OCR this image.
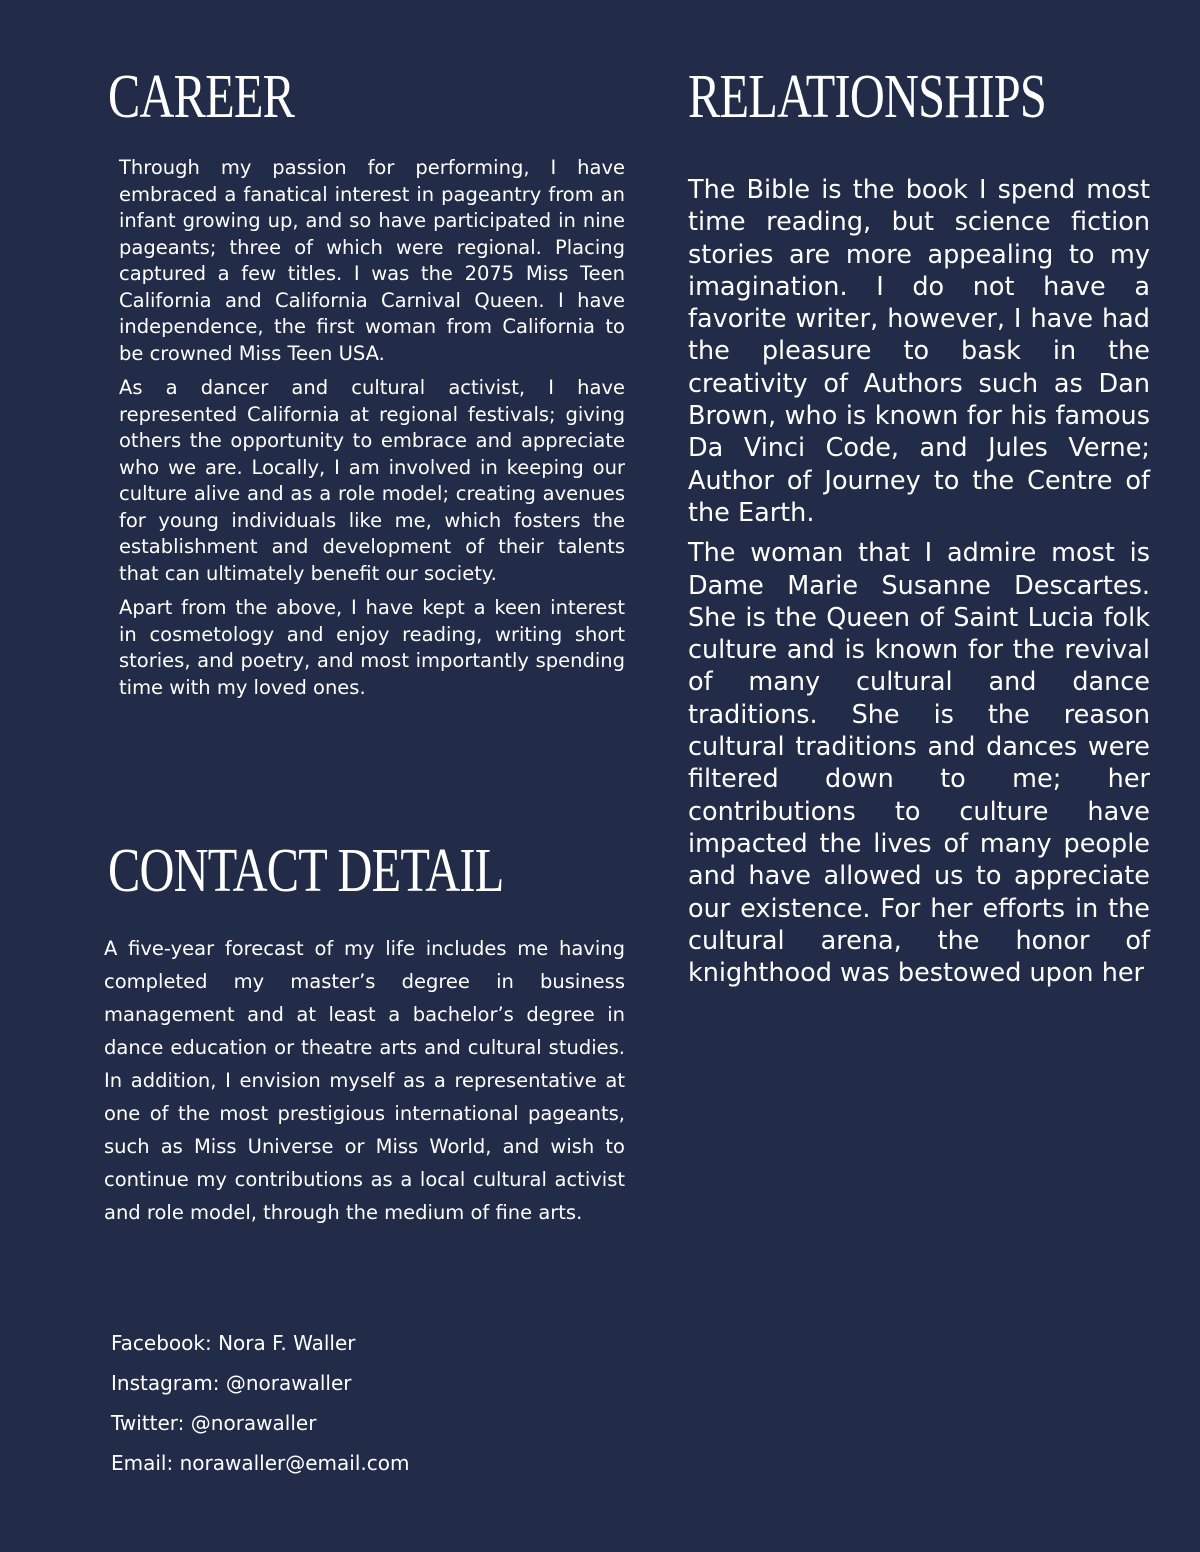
CAREER

Through my passion for performing, I have embraced a fanatical interest in pageantry from an infant growing up, and so have participated in nine pageants; three of which were regional. Placing captured a few titles. I was the 2075 Miss Teen California and California Carnival Queen. I have independence, the first woman from California to be crowned Miss Teen USA.

As a dancer and cultural activist, I have represented California at regional festivals; giving others the opportunity to embrace and appreciate who we are. Locally, I am involved in keeping our culture alive and as a role model; creating avenues for young individuals like me, which fosters the establishment and development of their talents that can ultimately benefit our society.

Apart from the above, I have kept a keen interest in cosmetology and enjoy reading, writing short stories, and poetry, and most importantly spending time with my loved ones.

CONTACT DETAIL

A five-year forecast of my life includes me having completed my master’s degree in business management and at least a bachelor’s degree in dance education or theatre arts and cultural studies. In addition, I envision myself as a representative at one of the most prestigious international pageants, such as Miss Universe or Miss World, and wish to continue my contributions as a local cultural activist and role model, through the medium of fine arts.

Facebook: Nora F. Waller
Instagram: @norawaller
Twitter: @norawaller
Email: norawaller@email.com
RELATIONSHIPS

The Bible is the book I spend most time reading, but science fiction stories are more appealing to my imagination. I do not have a favorite writer, however, I have had the pleasure to bask in the creativity of Authors such as Dan Brown, who is known for his famous Da Vinci Code, and Jules Verne; Author of Journey to the Centre of the Earth.

The woman that I admire most is Dame Marie Susanne Descartes. She is the Queen of Saint Lucia folk culture and is known for the revival of many cultural and dance traditions. She is the reason cultural traditions and dances were filtered down to me; her contributions to culture have impacted the lives of many people and have allowed us to appreciate our existence. For her efforts in the cultural arena, the honor of knighthood was bestowed upon her
